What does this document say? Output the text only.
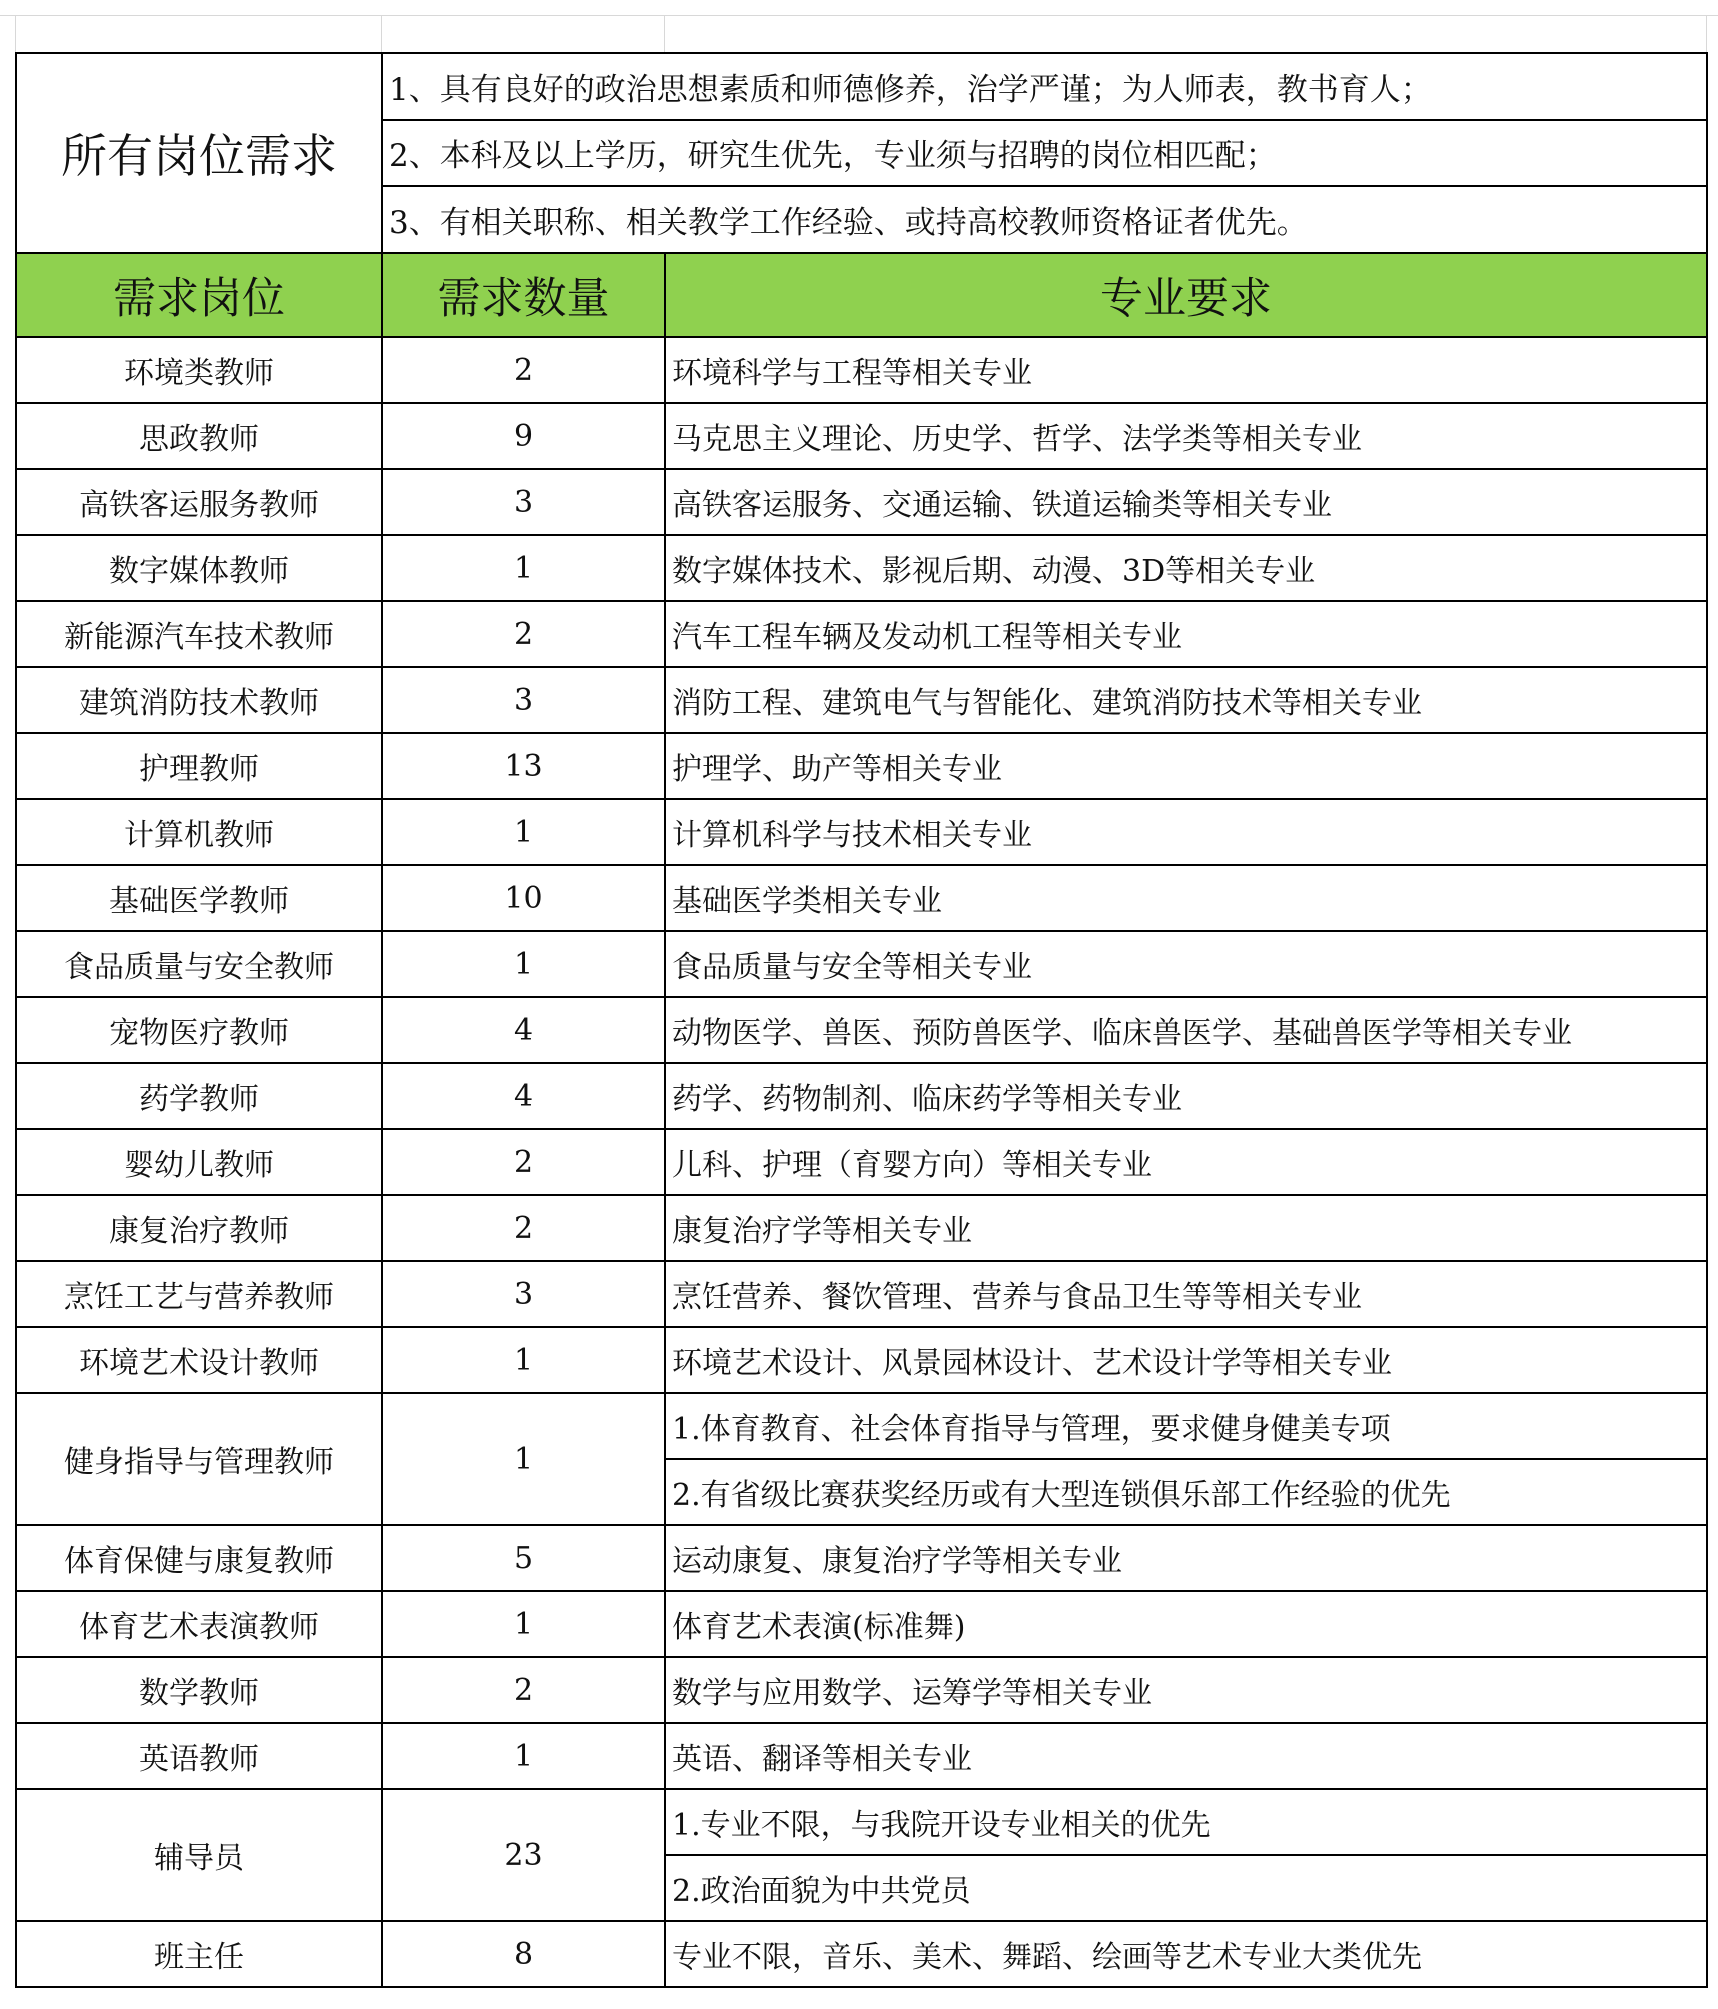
所有岗位需求	1、具有良好的政治思想素质和师德修养，治学严谨；为人师表，教书育人；	
	2、本科及以上学历，研究生优先，专业须与招聘的岗位相匹配；	
	3、有相关职称、相关教学工作经验、或持高校教师资格证者优先。	
需求岗位	需求数量	专业要求
环境类教师	2	环境科学与工程等相关专业
思政教师	9	马克思主义理论、历史学、哲学、法学类等相关专业
高铁客运服务教师	3	高铁客运服务、交通运输、铁道运输类等相关专业
数字媒体教师	1	数字媒体技术、影视后期、动漫、3D等相关专业
新能源汽车技术教师	2	汽车工程车辆及发动机工程等相关专业
建筑消防技术教师	3	消防工程、建筑电气与智能化、建筑消防技术等相关专业
护理教师	13	护理学、助产等相关专业
计算机教师	1	计算机科学与技术相关专业
基础医学教师	10	基础医学类相关专业
食品质量与安全教师	1	食品质量与安全等相关专业
宠物医疗教师	4	动物医学、兽医、预防兽医学、临床兽医学、基础兽医学等相关专业
药学教师	4	药学、药物制剂、临床药学等相关专业
婴幼儿教师	2	儿科、护理（育婴方向）等相关专业
康复治疗教师	2	康复治疗学等相关专业
烹饪工艺与营养教师	3	烹饪营养、餐饮管理、营养与食品卫生等等相关专业
环境艺术设计教师	1	环境艺术设计、风景园林设计、艺术设计学等相关专业
健身指导与管理教师	1	1.体育教育、社会体育指导与管理，要求健身健美专项
		2.有省级比赛获奖经历或有大型连锁俱乐部工作经验的优先
体育保健与康复教师	5	运动康复、康复治疗学等相关专业
体育艺术表演教师	1	体育艺术表演(标准舞)
数学教师	2	数学与应用数学、运筹学等相关专业
英语教师	1	英语、翻译等相关专业
辅导员	23	1.专业不限，与我院开设专业相关的优先
		2.政治面貌为中共党员
班主任	8	专业不限，音乐、美术、舞蹈、绘画等艺术专业大类优先
